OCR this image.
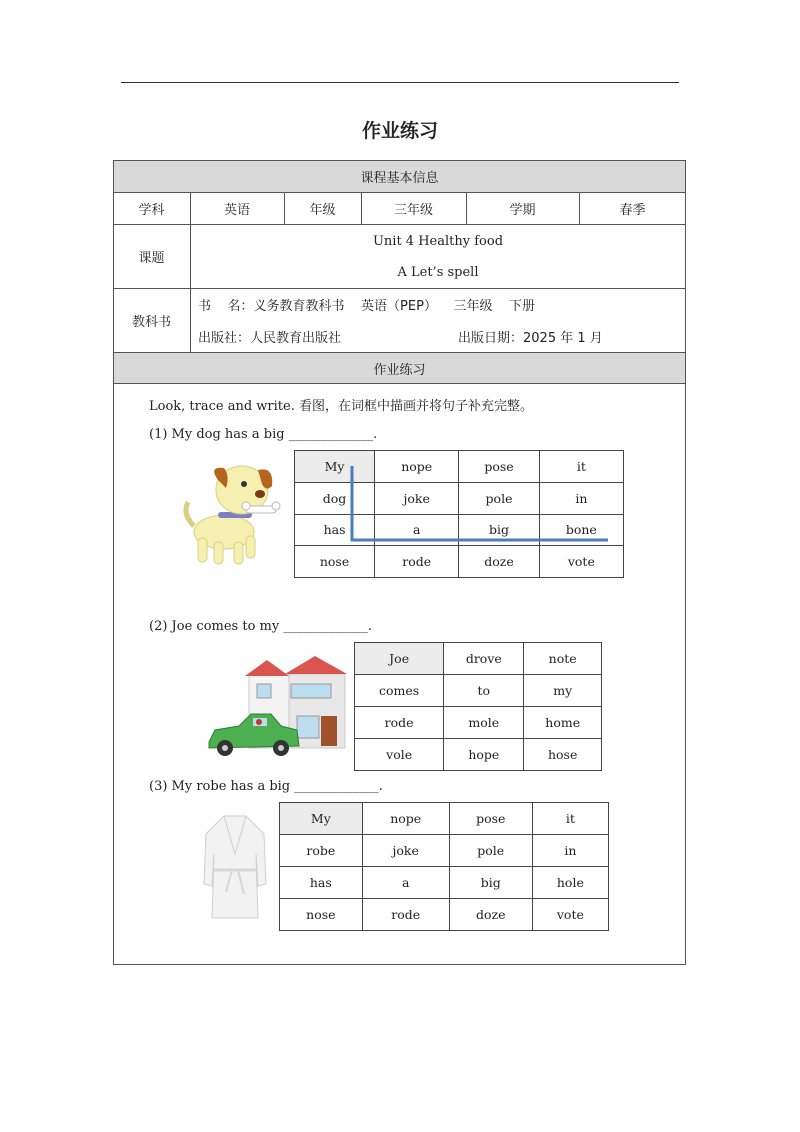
作业练习
课程基本信息
学科	英语	年级	三年级	学期	春季
课题
Unit 4 Healthy food
A Let’s spell
教科书
书    名：义务教育教科书    英语（PEP）    三年级    下册
出版社：人民教育出版社	出版日期：2025 年 1 月
作业练习
Look, trace and write. 看图，在词框中描画并将句子补充完整。
(1) My dog has a big _____________.
My	nope	pose	it
dog	joke	pole	in
has	a	big	bone
nose	rode	doze	vote
(2) Joe comes to my _____________.
Joe	drove	note
comes	to	my
rode	mole	home
vole	hope	hose
(3) My robe has a big _____________.
My	nope	pose	it
robe	joke	pole	in
has	a	big	hole
nose	rode	doze	vote
